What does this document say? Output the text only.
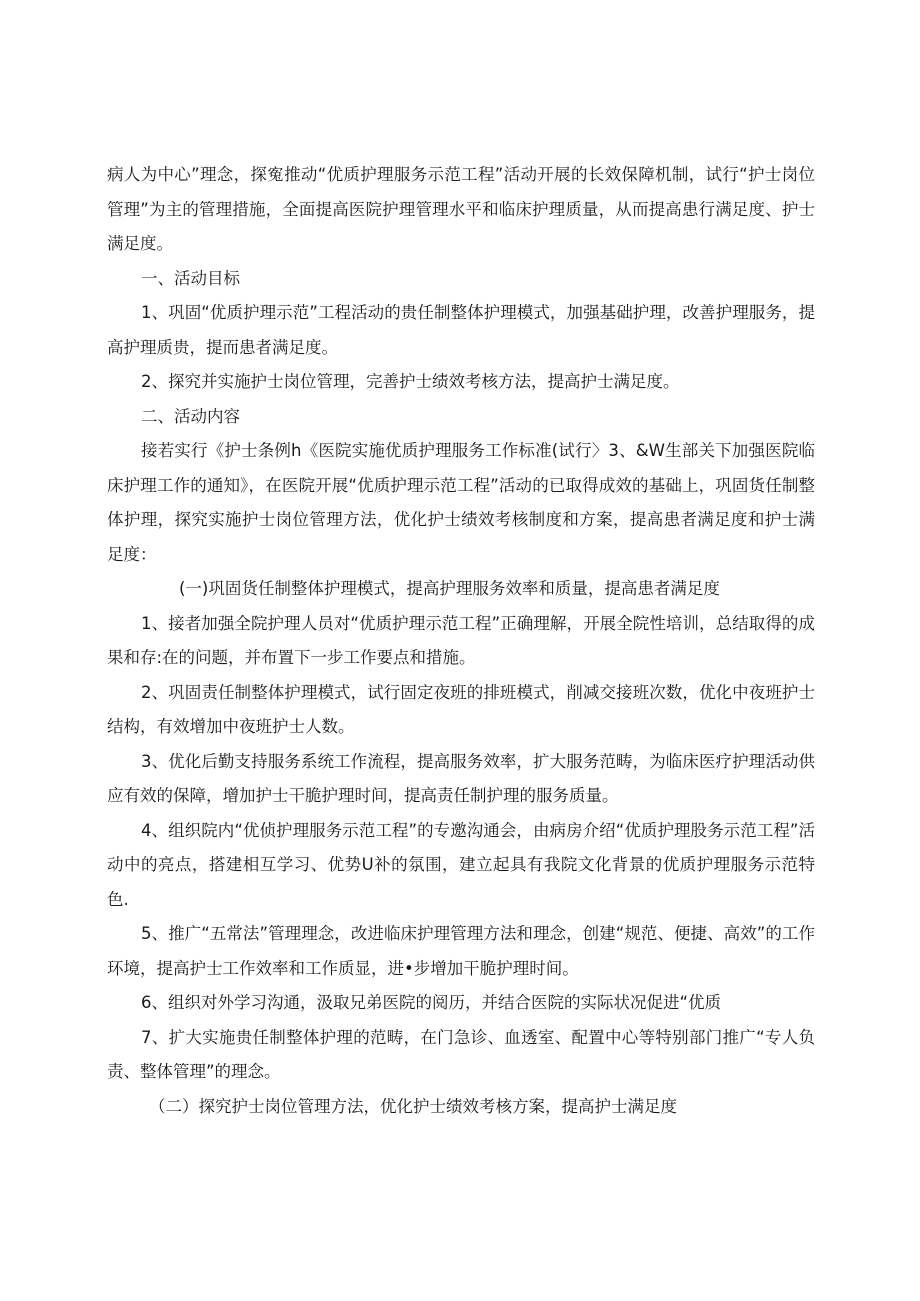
病人为中心”理念，探寃推动“优质护理服务示范工程”活动开展的长效保障机制，试行“护士岗位管理”为主的管理措施，全面提高医院护理管理水平和临床护理质量，从而提高患行满足度、护士满足度。

一、活动目标

1、巩固“优质护理示范”工程活动的贵任制整体护理模式，加强基础护理，改善护理服务，提高护理质贵，提而患者满足度。

2、探究并实施护士岗位管理，完善护士绩效考核方法，提高护士满足度。

二、活动内容

接若实行《护士条例h《医院实施优质护理服务工作标准(试行〉3、&W生部关下加强医院临床护理工作的通知》，在医院开展“优质护理示范工程”活动的已取得成效的基础上，巩固货任制整体护理，探究实施护士岗位管理方法，优化护士绩效考核制度和方案，提高患者满足度和护士满足度：

(一)巩固货任制整体护理模式，提高护理服务效率和质量，提高患者满足度

1、接者加强全院护理人员对“优质护理示范工程”正确理解，开展全院性培训，总结取得的成果和存:在的问题，并布置下一步工作要点和措施。

2、巩固责任制整体护理模式，试行固定夜班的排班模式，削减交接班次数，优化中夜班护士结构，有效增加中夜班护士人数。

3、优化后勤支持服务系统工作流程，提高服务效率，扩大服务范畴，为临床医疗护理活动供应有效的保障，增加护士干脆护理时间，提高责任制护理的服务质量。

4、组织院内“优侦护理服务示范工程”的专邀沟通会，由病房介绍“优质护理股务示范工程”活动中的亮点，搭建相互学习、优势U补的氛围，建立起具有我院文化背景的优质护理服务示范特色.

5、推广“五常法”管理理念，改进临床护理管理方法和理念，创建“规范、便捷、高效”的工作环境，提高护士工作效率和工作质显，进•步增加干脆护理时间。

6、组织对外学习沟通，汲取兄弟医院的阅历，并结合医院的实际状况促进“优质

7、扩大实施贵任制整体护理的范畴，在门急诊、血透室、配置中心等特别部门推广“专人负责、整体管理”的理念。

（二）探究护士岗位管理方法，优化护士绩效考核方案，提高护士满足度
